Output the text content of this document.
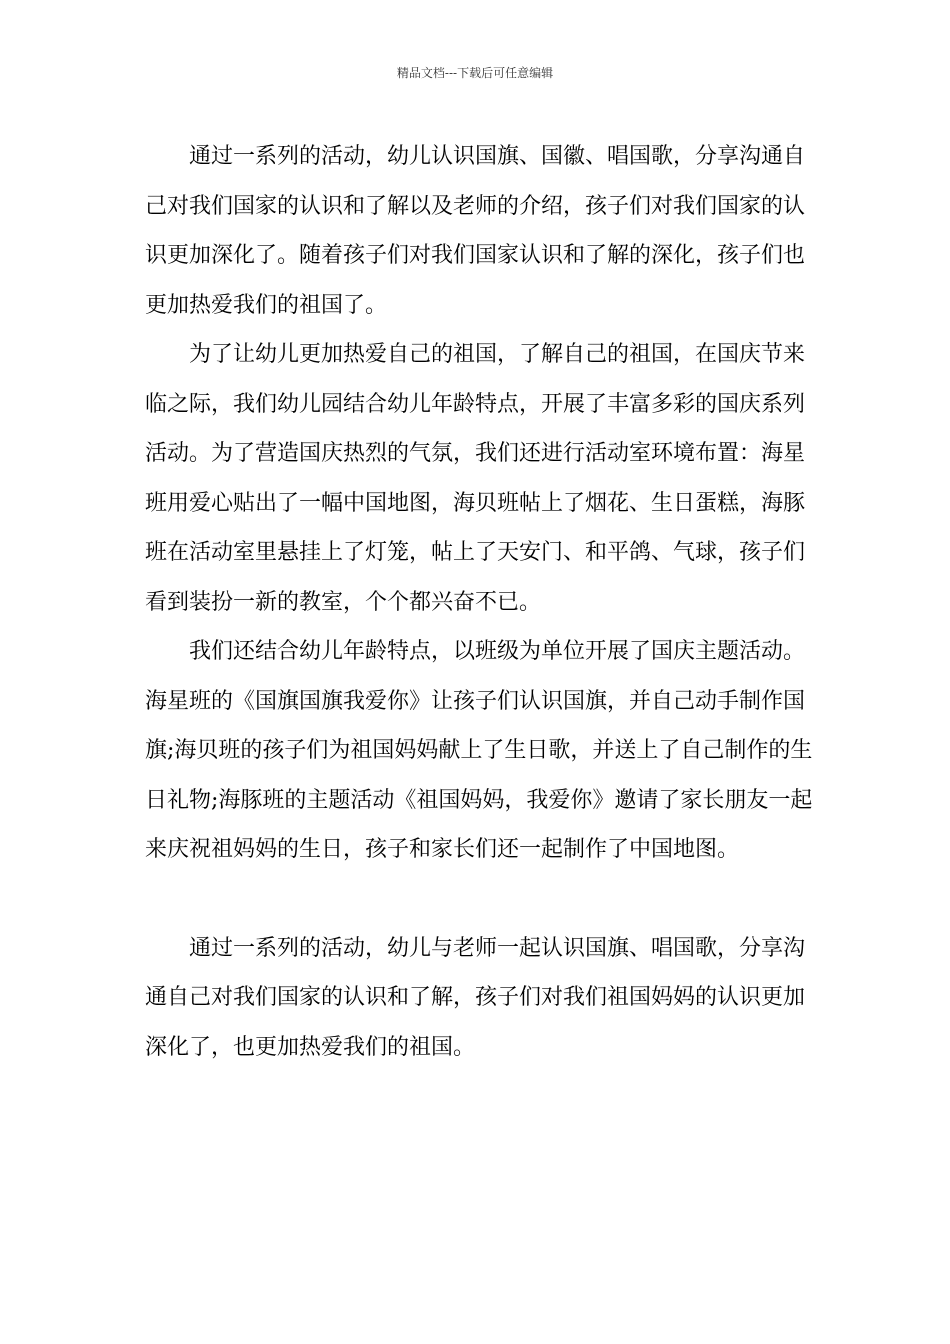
精品文档---下载后可任意编辑

通过一系列的活动，幼儿认识国旗、国徽、唱国歌，分享沟通自己对我们国家的认识和了解以及老师的介绍，孩子们对我们国家的认识更加深化了。随着孩子们对我们国家认识和了解的深化，孩子们也更加热爱我们的祖国了。

为了让幼儿更加热爱自己的祖国，了解自己的祖国，在国庆节来临之际，我们幼儿园结合幼儿年龄特点，开展了丰富多彩的国庆系列活动。为了营造国庆热烈的气氛，我们还进行活动室环境布置：海星班用爱心贴出了一幅中国地图，海贝班帖上了烟花、生日蛋糕，海豚班在活动室里悬挂上了灯笼，帖上了天安门、和平鸽、气球，孩子们看到装扮一新的教室，个个都兴奋不已。

我们还结合幼儿年龄特点，以班级为单位开展了国庆主题活动。海星班的《国旗国旗我爱你》让孩子们认识国旗，并自己动手制作国旗;海贝班的孩子们为祖国妈妈献上了生日歌，并送上了自己制作的生日礼物;海豚班的主题活动《祖国妈妈，我爱你》邀请了家长朋友一起来庆祝祖妈妈的生日，孩子和家长们还一起制作了中国地图。

通过一系列的活动，幼儿与老师一起认识国旗、唱国歌，分享沟通自己对我们国家的认识和了解，孩子们对我们祖国妈妈的认识更加深化了，也更加热爱我们的祖国。
